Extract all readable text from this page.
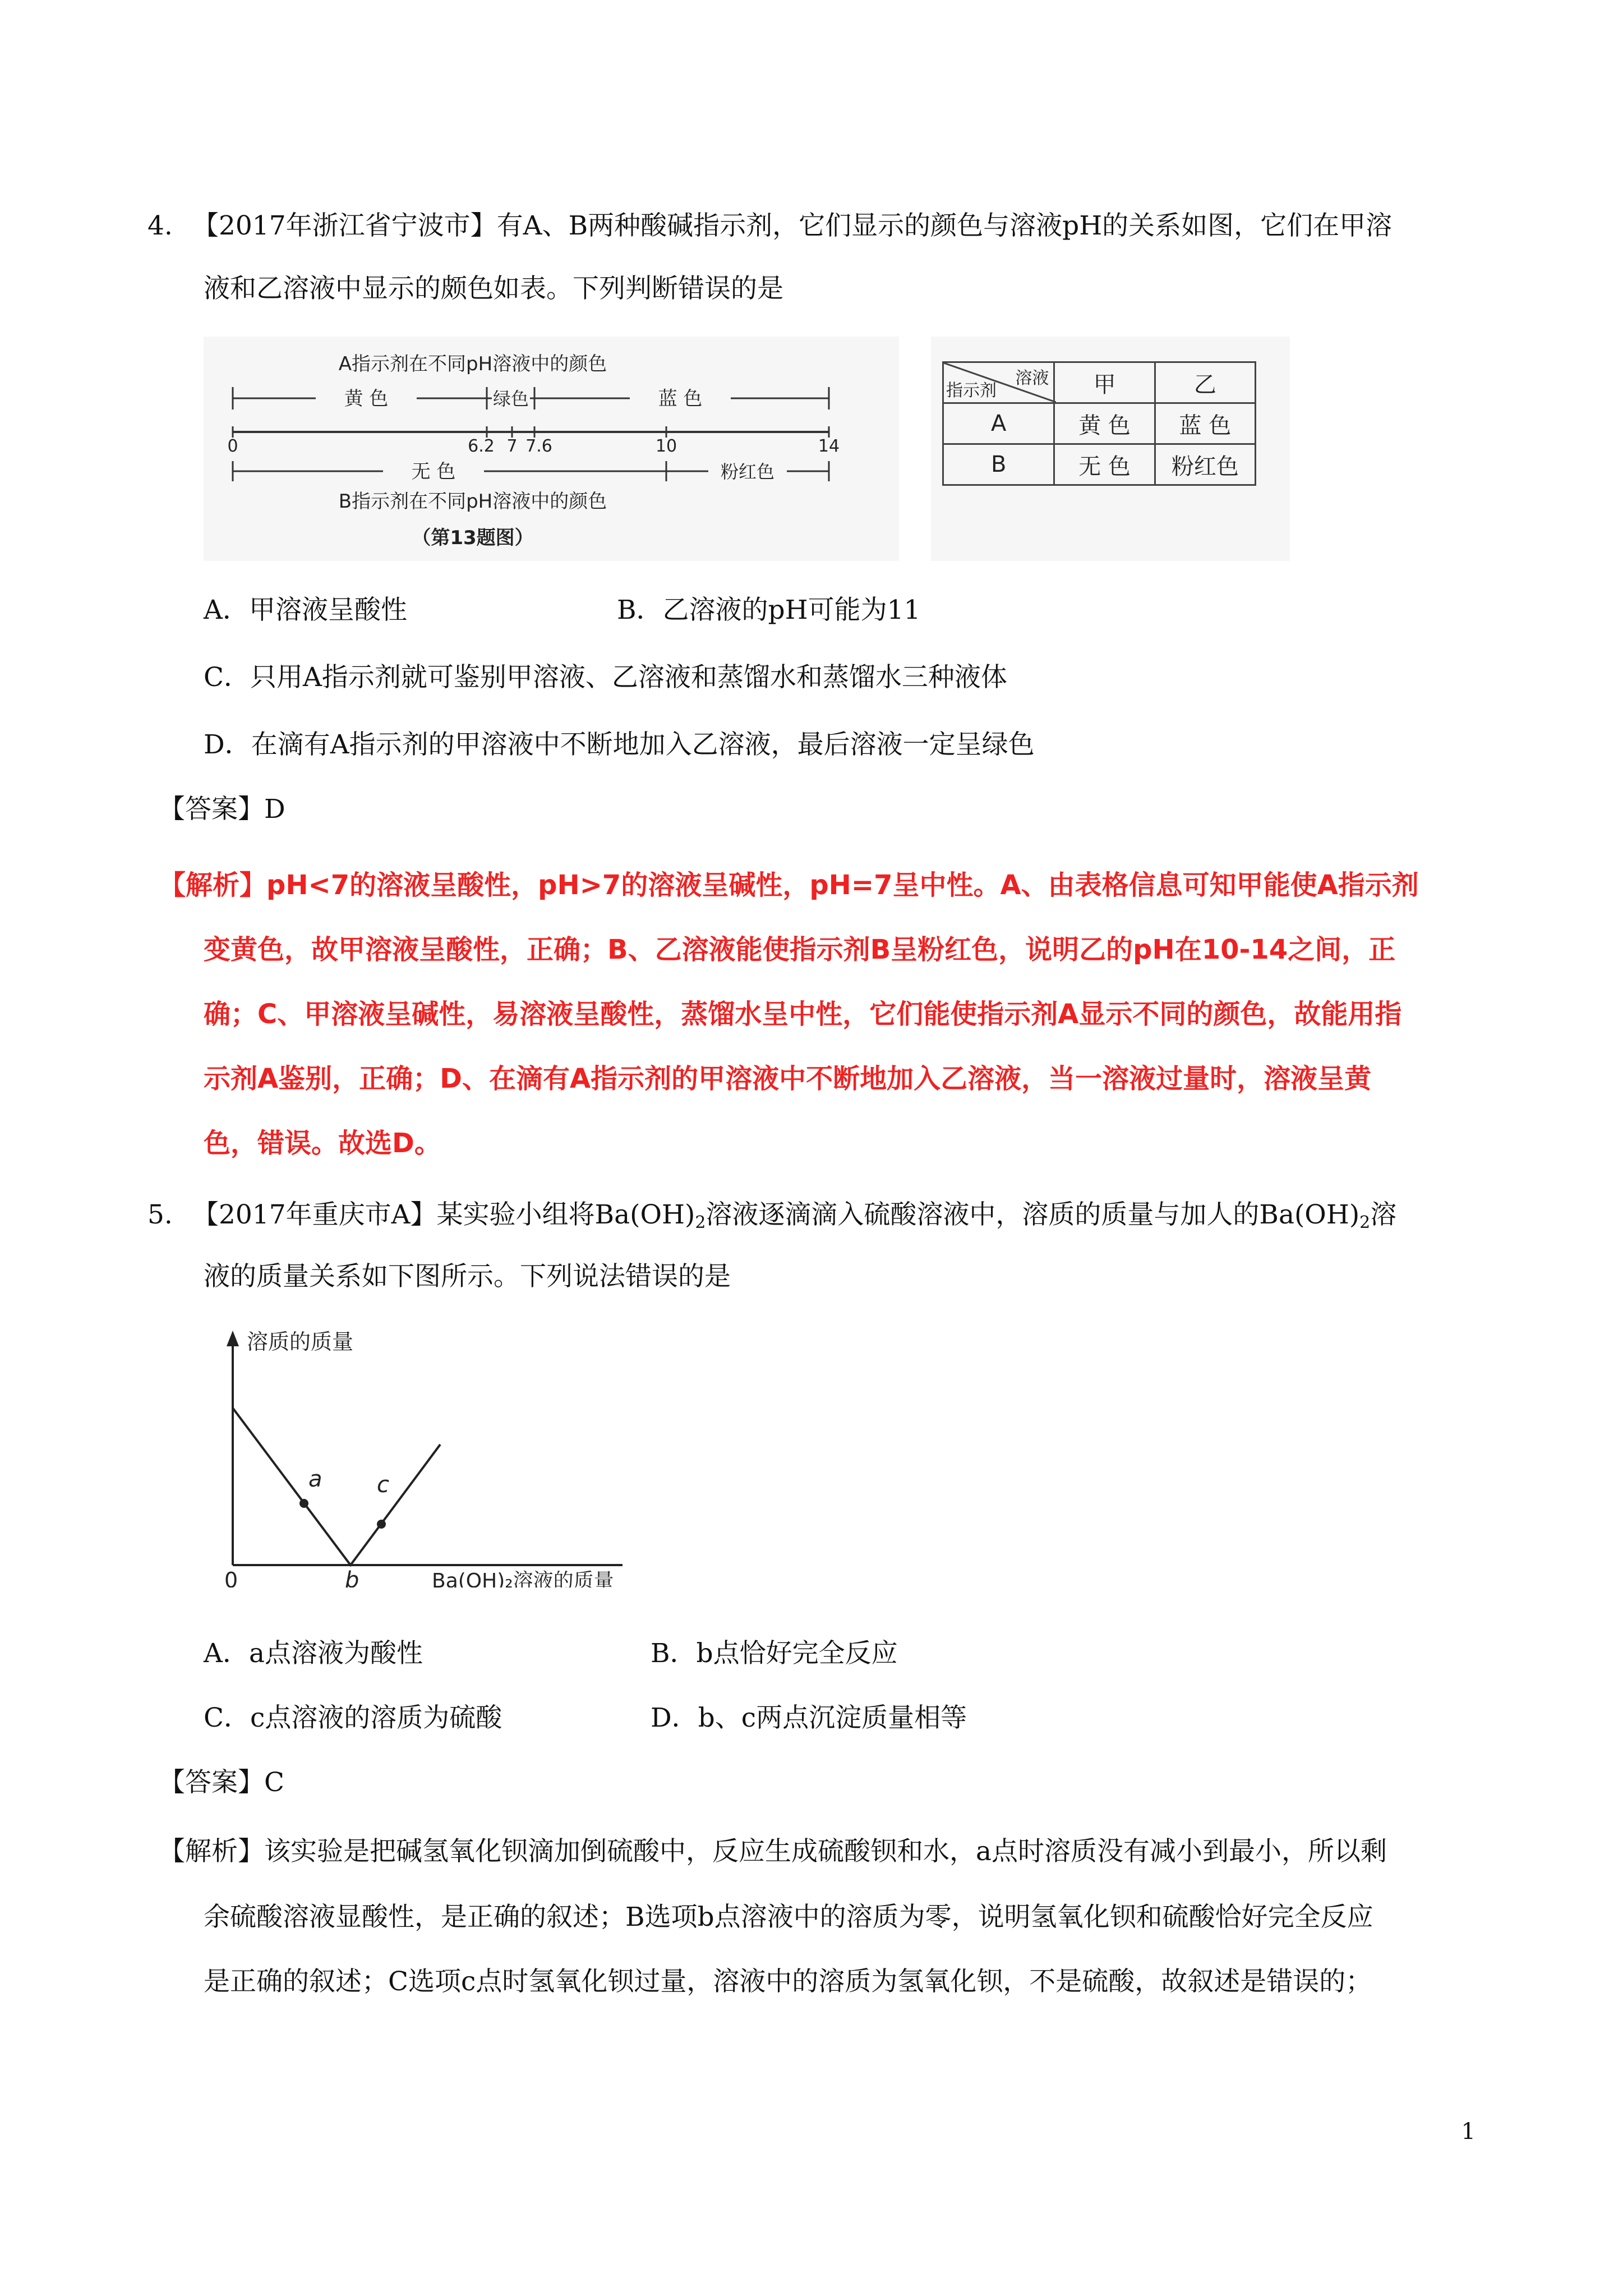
4. 【2017年浙江省宁波市】有A、B两种酸碱指示剂，它们显示的颜色与溶液pH的关系如图，它们在甲溶
液和乙溶液中显示的颇色如表。下列判断错误的是
A指示剂在不同pH溶液中的颜色
黄 色	绿色	蓝 色
0	6.2 7 7.6	10	14
无 色	粉红色
B指示剂在不同pH溶液中的颜色
（第13题图）
溶液
指示剂	甲	乙
A	黄 色	蓝 色
B	无 色	粉红色
A．甲溶液呈酸性	B．乙溶液的pH可能为11
C．只用A指示剂就可鉴别甲溶液、乙溶液和蒸馏水和蒸馏水三种液体
D．在滴有A指示剂的甲溶液中不断地加入乙溶液，最后溶液一定呈绿色
【答案】D
【解析】pH<7的溶液呈酸性，pH>7的溶液呈碱性，pH=7呈中性。A、由表格信息可知甲能使A指示剂
变黄色，故甲溶液呈酸性，正确；B、乙溶液能使指示剂B呈粉红色，说明乙的pH在10-14之间，正
确；C、甲溶液呈碱性，易溶液呈酸性，蒸馏水呈中性，它们能使指示剂A显示不同的颜色，故能用指
示剂A鉴别，正确；D、在滴有A指示剂的甲溶液中不断地加入乙溶液，当一溶液过量时，溶液呈黄
色，错误。故选D。
5. 【2017年重庆市A】某实验小组将$Ba(OH)_2$溶液逐滴滴入硫酸溶液中，溶质的质量与加人的$Ba(OH)_2$溶
液的质量关系如下图所示。下列说法错误的是
溶质的质量
a c
b
0	Ba(OH)₂溶液的质量
A．a点溶液为酸性	B．b点恰好完全反应
C．c点溶液的溶质为硫酸	D．b、c两点沉淀质量相等
【答案】C
【解析】该实验是把碱氢氧化钡滴加倒硫酸中，反应生成硫酸钡和水，a点时溶质没有减小到最小，所以剩
余硫酸溶液显酸性，是正确的叙述；B选项b点溶液中的溶质为零，说明氢氧化钡和硫酸恰好完全反应
是正确的叙述；C选项c点时氢氧化钡过量，溶液中的溶质为氢氧化钡，不是硫酸，故叙述是错误的；
1
